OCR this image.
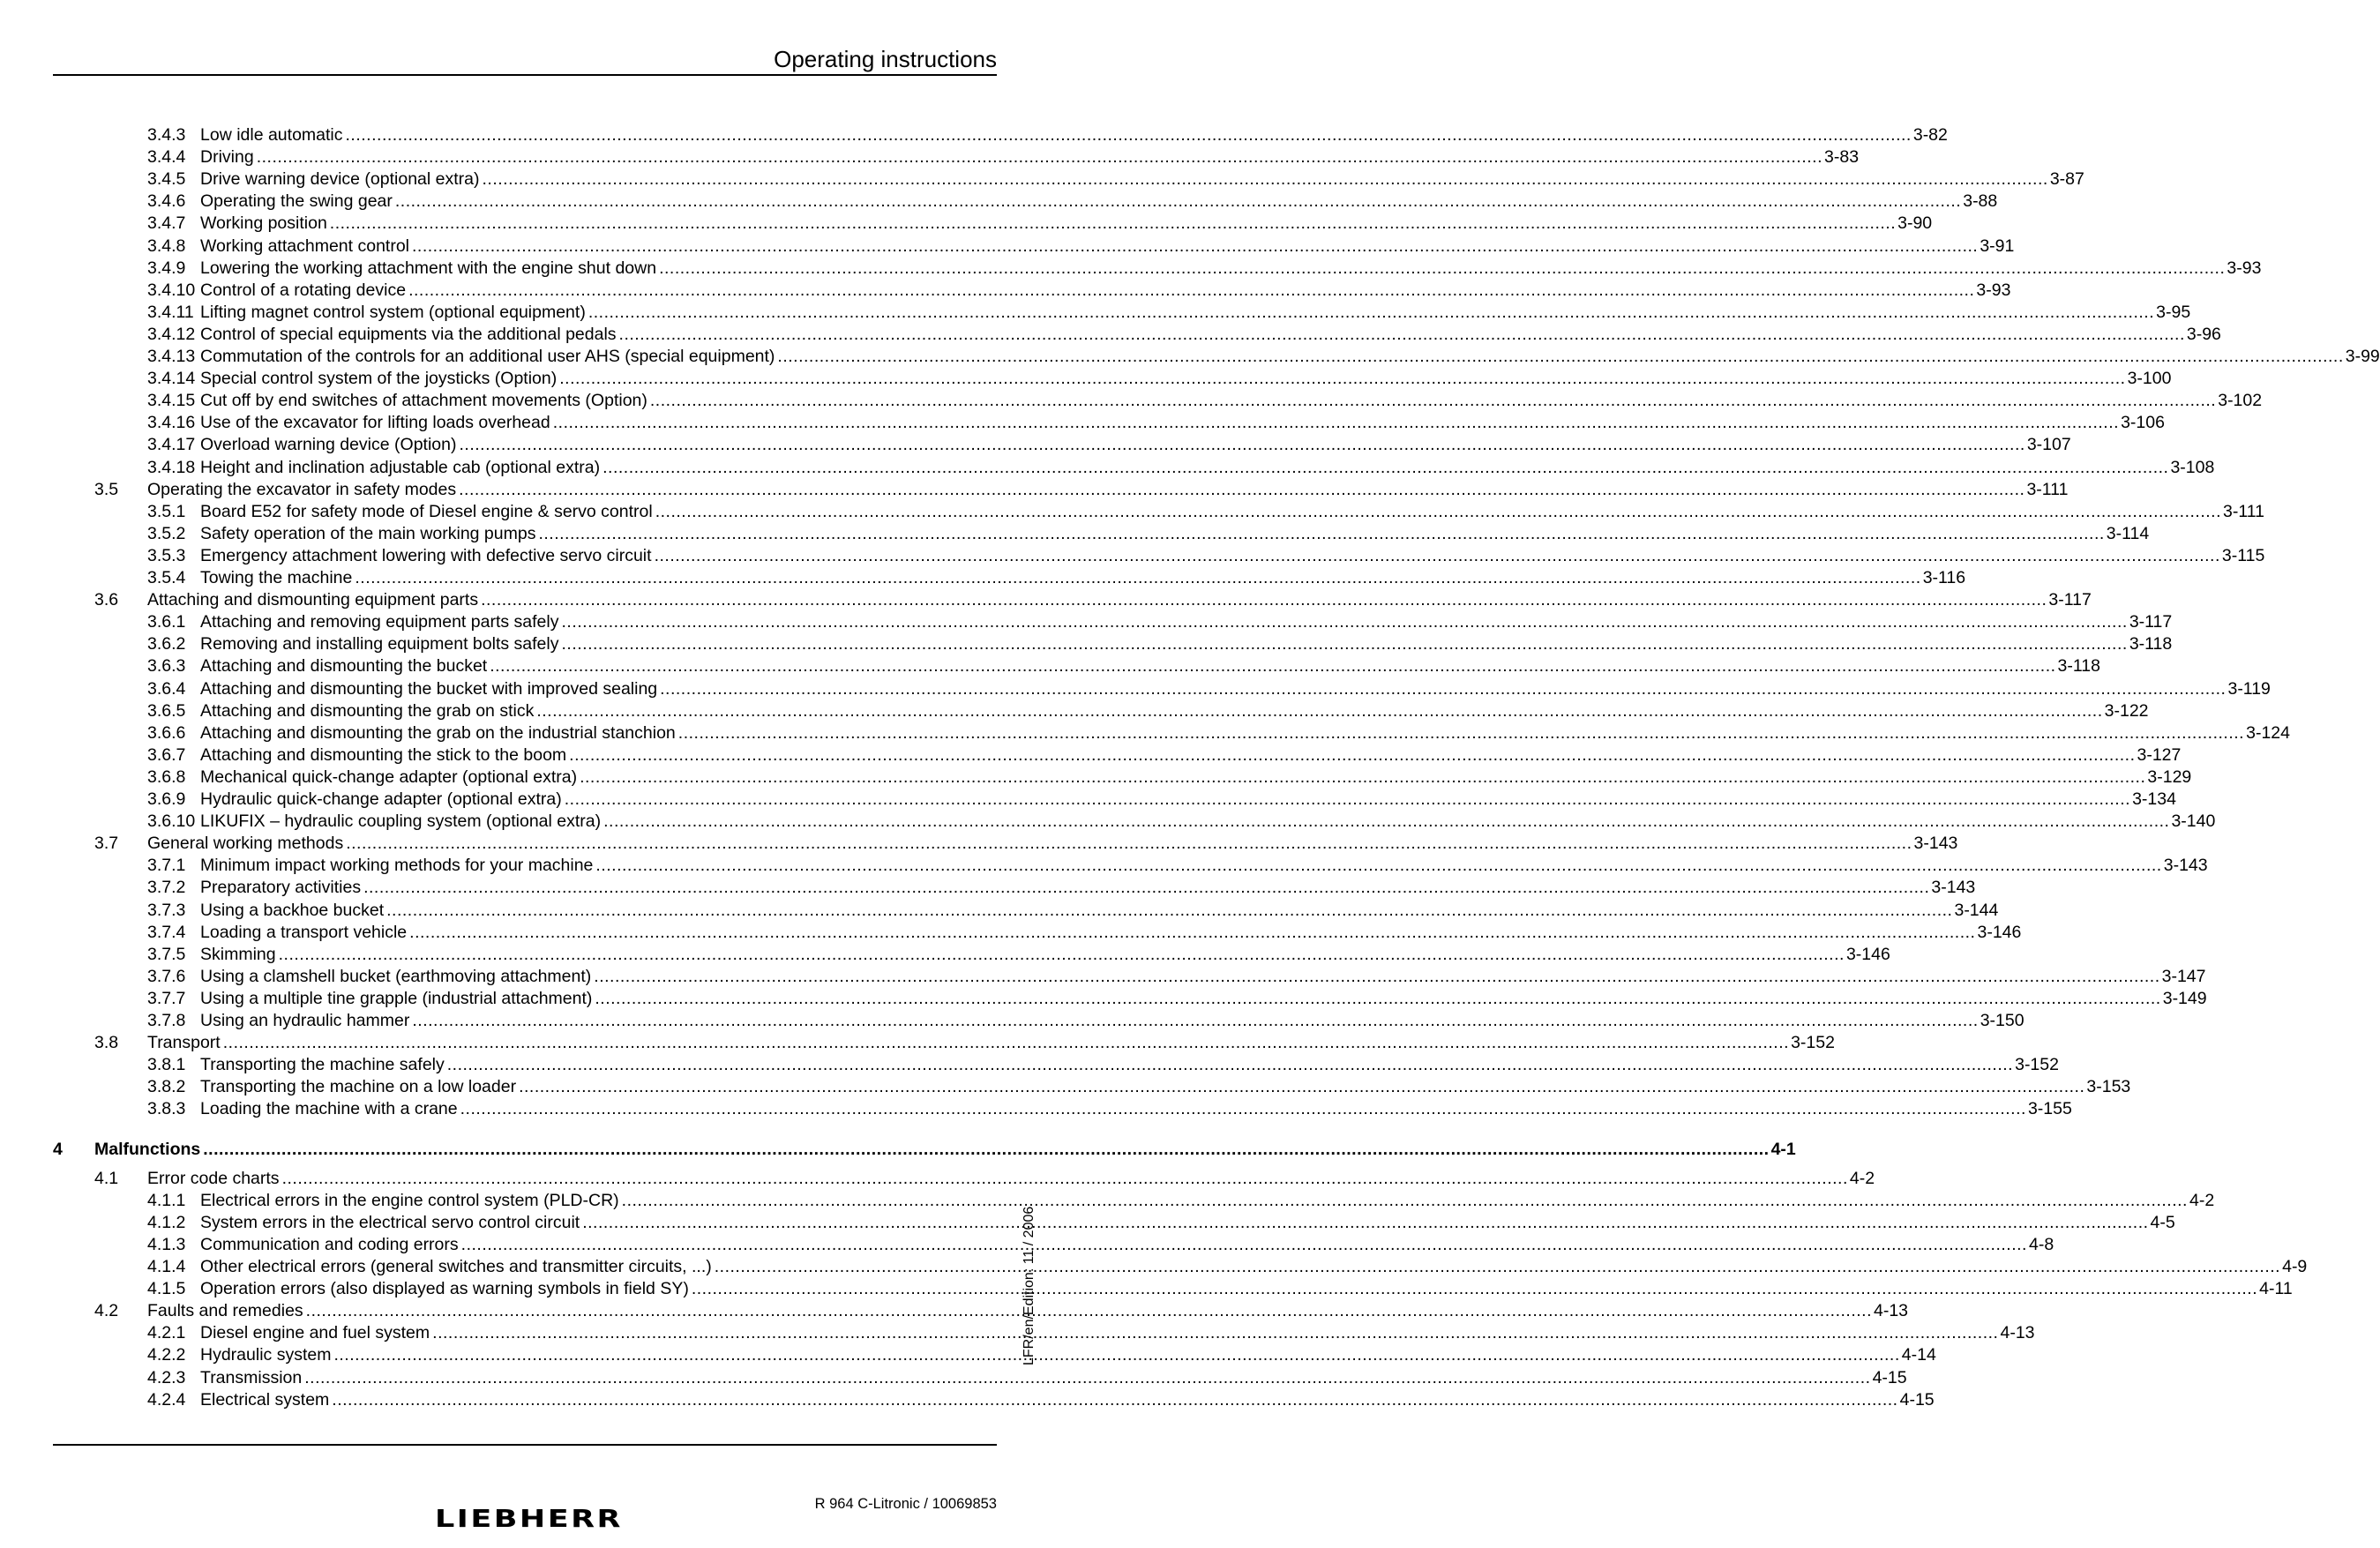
Operating instructions
3.4.3 Low idle automatic ............................................................................................................................................................................................................................................................................................................ 3-82
3.4.4 Driving ............................................................................................................................................................................................................................................................................................................ 3-83
3.4.5 Drive warning device (optional extra) ............................................................................................................................................................................................................................................................................................................ 3-87
3.4.6 Operating the swing gear ............................................................................................................................................................................................................................................................................................................ 3-88
3.4.7 Working position ............................................................................................................................................................................................................................................................................................................ 3-90
3.4.8 Working attachment control ............................................................................................................................................................................................................................................................................................................ 3-91
3.4.9 Lowering the working attachment with the engine shut down ............................................................................................................................................................................................................................................................................................................ 3-93
3.4.10 Control of a rotating device ............................................................................................................................................................................................................................................................................................................ 3-93
3.4.11 Lifting magnet control system (optional equipment) ............................................................................................................................................................................................................................................................................................................ 3-95
3.4.12 Control of special equipments via the additional pedals ............................................................................................................................................................................................................................................................................................................ 3-96
3.4.13 Commutation of the controls for an additional user AHS (special equipment) ............................................................................................................................................................................................................................................................................................................ 3-99
3.4.14 Special control system of the joysticks (Option) ............................................................................................................................................................................................................................................................................................................ 3-100
3.4.15 Cut off by end switches of attachment movements (Option) ............................................................................................................................................................................................................................................................................................................ 3-102
3.4.16 Use of the excavator for lifting loads overhead ............................................................................................................................................................................................................................................................................................................ 3-106
3.4.17 Overload warning device (Option) ............................................................................................................................................................................................................................................................................................................ 3-107
3.4.18 Height and inclination adjustable cab (optional extra) ............................................................................................................................................................................................................................................................................................................ 3-108
3.5 Operating the excavator in safety modes ............................................................................................................................................................................................................................................................................................................ 3-111
3.5.1 Board E52 for safety mode of Diesel engine & servo control ............................................................................................................................................................................................................................................................................................................ 3-111
3.5.2 Safety operation of the main working pumps ............................................................................................................................................................................................................................................................................................................ 3-114
3.5.3 Emergency attachment lowering with defective servo circuit ............................................................................................................................................................................................................................................................................................................ 3-115
3.5.4 Towing the machine ............................................................................................................................................................................................................................................................................................................ 3-116
3.6 Attaching and dismounting equipment parts ............................................................................................................................................................................................................................................................................................................ 3-117
3.6.1 Attaching and removing equipment parts safely ............................................................................................................................................................................................................................................................................................................ 3-117
3.6.2 Removing and installing equipment bolts safely ............................................................................................................................................................................................................................................................................................................ 3-118
3.6.3 Attaching and dismounting the bucket ............................................................................................................................................................................................................................................................................................................ 3-118
3.6.4 Attaching and dismounting the bucket with improved sealing ............................................................................................................................................................................................................................................................................................................ 3-119
3.6.5 Attaching and dismounting the grab on stick ............................................................................................................................................................................................................................................................................................................ 3-122
3.6.6 Attaching and dismounting the grab on the industrial stanchion ............................................................................................................................................................................................................................................................................................................ 3-124
3.6.7 Attaching and dismounting the stick to the boom ............................................................................................................................................................................................................................................................................................................ 3-127
3.6.8 Mechanical quick-change adapter (optional extra) ............................................................................................................................................................................................................................................................................................................ 3-129
3.6.9 Hydraulic quick-change adapter (optional extra) ............................................................................................................................................................................................................................................................................................................ 3-134
3.6.10 LIKUFIX – hydraulic coupling system (optional extra) ............................................................................................................................................................................................................................................................................................................ 3-140
3.7 General working methods ............................................................................................................................................................................................................................................................................................................ 3-143
3.7.1 Minimum impact working methods for your machine ............................................................................................................................................................................................................................................................................................................ 3-143
3.7.2 Preparatory activities ............................................................................................................................................................................................................................................................................................................ 3-143
3.7.3 Using a backhoe bucket ............................................................................................................................................................................................................................................................................................................ 3-144
3.7.4 Loading a transport vehicle ............................................................................................................................................................................................................................................................................................................ 3-146
3.7.5 Skimming ............................................................................................................................................................................................................................................................................................................ 3-146
3.7.6 Using a clamshell bucket (earthmoving attachment) ............................................................................................................................................................................................................................................................................................................ 3-147
3.7.7 Using a multiple tine grapple (industrial attachment) ............................................................................................................................................................................................................................................................................................................ 3-149
3.7.8 Using an hydraulic hammer ............................................................................................................................................................................................................................................................................................................ 3-150
3.8 Transport ............................................................................................................................................................................................................................................................................................................ 3-152
3.8.1 Transporting the machine safely ............................................................................................................................................................................................................................................................................................................ 3-152
3.8.2 Transporting the machine on a low loader ............................................................................................................................................................................................................................................................................................................ 3-153
3.8.3 Loading the machine with a crane ............................................................................................................................................................................................................................................................................................................ 3-155
4 Malfunctions ............................................................................................................................................................................................................................................................................................................ 4-1
4.1 Error code charts ............................................................................................................................................................................................................................................................................................................ 4-2
4.1.1 Electrical errors in the engine control system (PLD-CR) ............................................................................................................................................................................................................................................................................................................ 4-2
4.1.2 System errors in the electrical servo control circuit ............................................................................................................................................................................................................................................................................................................ 4-5
4.1.3 Communication and coding errors ............................................................................................................................................................................................................................................................................................................ 4-8
4.1.4 Other electrical errors (general switches and transmitter circuits, ...) ............................................................................................................................................................................................................................................................................................................ 4-9
4.1.5 Operation errors (also displayed as warning symbols in field SY) ............................................................................................................................................................................................................................................................................................................ 4-11
4.2 Faults and remedies ............................................................................................................................................................................................................................................................................................................ 4-13
4.2.1 Diesel engine and fuel system ............................................................................................................................................................................................................................................................................................................ 4-13
4.2.2 Hydraulic system ............................................................................................................................................................................................................................................................................................................ 4-14
4.2.3 Transmission ............................................................................................................................................................................................................................................................................................................ 4-15
4.2.4 Electrical system ............................................................................................................................................................................................................................................................................................................ 4-15
LFR/en/Edition: 11 / 2006
R 964 C-Litronic / 10069853
LIEBHERR
